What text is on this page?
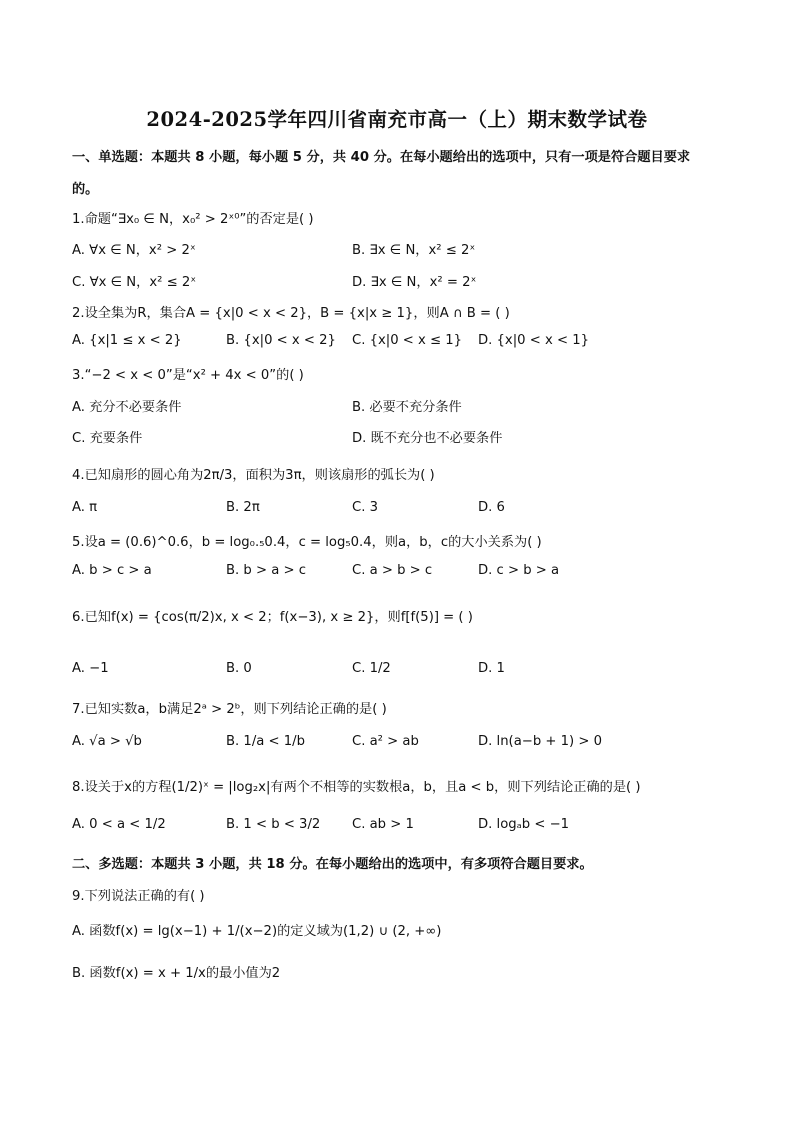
2024-2025学年四川省南充市高一（上）期末数学试卷
一、单选题：本题共 8 小题，每小题 5 分，共 40 分。在每小题给出的选项中，只有一项是符合题目要求
的。
1.命题“∃x₀ ∈ N，x₀² > 2ˣ⁰”的否定是( )
A. ∀x ∈ N，x² > 2ˣ	B. ∃x ∈ N，x² ≤ 2ˣ
C. ∀x ∈ N，x² ≤ 2ˣ	D. ∃x ∈ N，x² = 2ˣ
2.设全集为R，集合A = {x|0 < x < 2}，B = {x|x ≥ 1}，则A ∩ B = ( )
A. {x|1 ≤ x < 2}	B. {x|0 < x < 2} C. {x|0 < x ≤ 1} D. {x|0 < x < 1}
3.“−2 < x < 0”是“x² + 4x < 0”的( )
A. 充分不必要条件	B. 必要不充分条件
C. 充要条件	D. 既不充分也不必要条件
4.已知扇形的圆心角为2π/3，面积为3π，则该扇形的弧长为( )
A. π	B. 2π	C. 3	D. 6
5.设a = (0.6)^0.6，b = log₀.₅0.4，c = log₅0.4，则a，b，c的大小关系为( )
A. b > c > a	B. b > a > c	C. a > b > c	D. c > b > a
6.已知f(x) = {cos(π/2)x, x < 2；f(x−3), x ≥ 2}，则f[f(5)] = ( )
A. −1	B. 0	C. 1/2	D. 1
7.已知实数a，b满足2ᵃ > 2ᵇ，则下列结论正确的是( )
A. √a > √b	B. 1/a < 1/b	C. a² > ab	D. ln(a−b + 1) > 0
8.设关于x的方程(1/2)ˣ = |log₂x|有两个不相等的实数根a，b，且a < b，则下列结论正确的是( )
A. 0 < a < 1/2	B. 1 < b < 3/2 C. ab > 1	D. logₐb < −1
二、多选题：本题共 3 小题，共 18 分。在每小题给出的选项中，有多项符合题目要求。
9.下列说法正确的有( )
A. 函数f(x) = lg(x−1) + 1/(x−2)的定义域为(1,2) ∪ (2, +∞)
B. 函数f(x) = x + 1/x的最小值为2
